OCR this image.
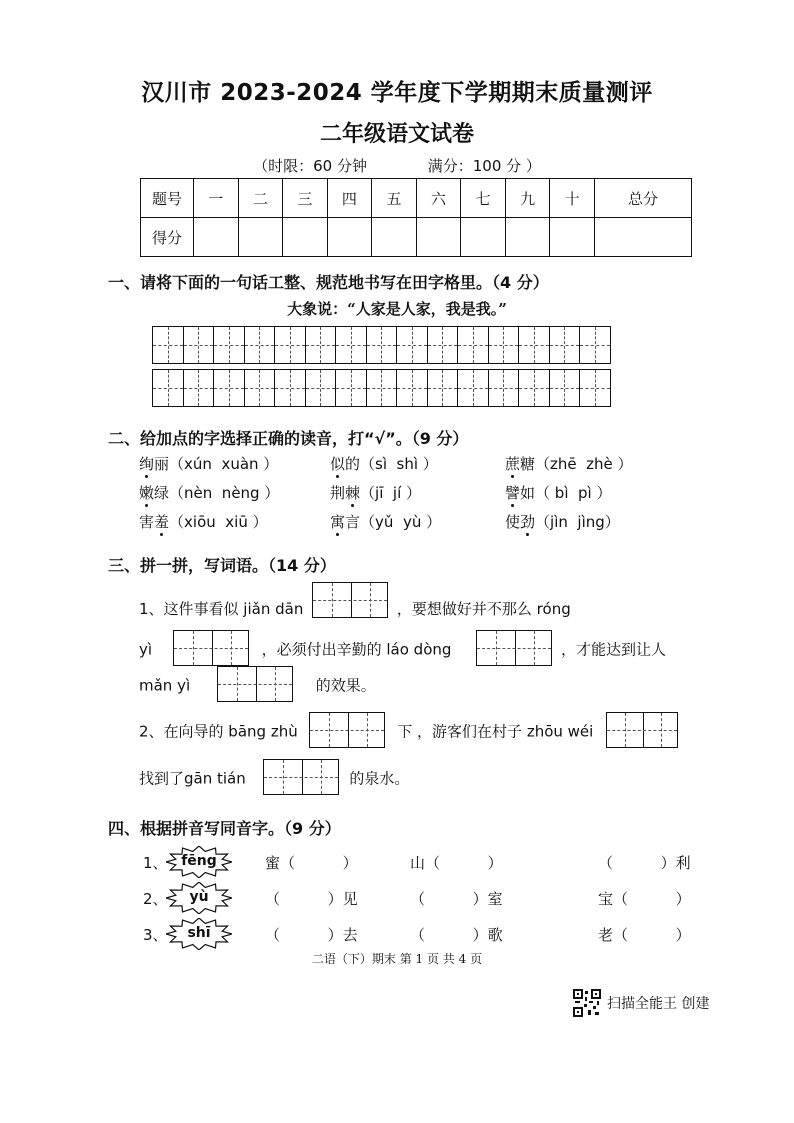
汉川市 2023-2024 学年度下学期期末质量测评
二年级语文试卷
（时限：60 分钟	满分：100 分 ）
题号	一	二	三	四	五	六	七	九	十	总分
得分										
一、请将下面的一句话工整、规范地书写在田字格里。（4 分）
大象说：“人家是人家，我是我。”
二、给加点的字选择正确的读音，打“√”。（9 分）
绚丽（xún  xuàn ）	似的（sì  shì ）	蔗糖（zhē  zhè ）
嫩绿（nèn  nèng ）	荆棘（jī  jí ）	譬如（ bì  pì ）
害羞（xiōu  xiū ）	寓言（yǔ  yù ）	使劲（jìn  jìng）
三、拼一拼，写词语。（14 分）
1、这件事看似 jiǎn dān	，要想做好并不那么 róng
yì	，必须付出辛勤的 láo dòng	，才能达到让人
mǎn yì	的效果。
2、在向导的 bāng zhù	下 ，游客们在村子 zhōu wéi
找到了gān tián	的泉水。
四、根据拼音写同音字。（9 分）
1、 fēng	蜜（          ）	山（          ）	（          ）利
2、	yù	（          ）见	（          ）室	宝（          ）
3、	shī	（          ）去	（          ）歌	老（          ）
二语（下）期末 第 1 页 共 4 页
扫描全能王 创建
